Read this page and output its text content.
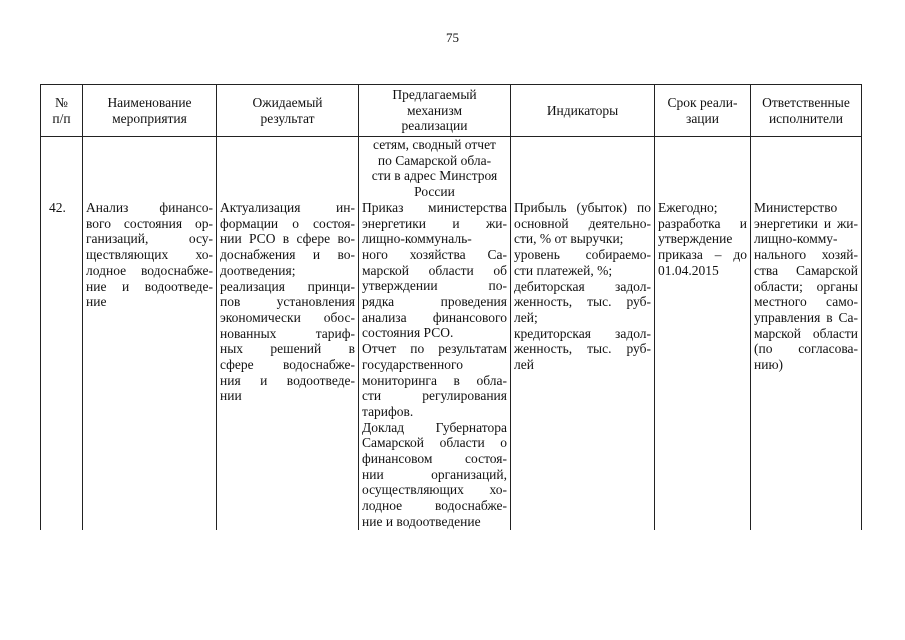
75
№
п/п
Наименование
мероприятия
Ожидаемый
результат
Предлагаемый
механизм
реализации
Индикаторы
Срок реали-
зации
Ответственные
исполнители
42.	Анализ финансо-
вого состояния ор-
ганизаций, осу-
ществляющих хо-
лодное водоснабже-
ние и водоотведе-
ние
Актуализация ин-
формации о состоя-
нии РСО в сфере во-
доснабжения и во-
доотведения;
реализация принци-
пов установления
экономически обос-
нованных тариф-
ных решений в
сфере водоснабже-
ния и водоотведе-
нии
сетям, сводный отчет
по Самарской обла-
сти в адрес Минстроя
России
Приказ министерства
энергетики и жи-
лищно-коммуналь-
ного хозяйства Са-
марской области об
утверждении по-
рядка проведения
анализа финансового
состояния РСО.
Отчет по результатам
государственного
мониторинга в обла-
сти регулирования
тарифов.
Доклад Губернатора
Самарской области о
финансовом состоя-
нии организаций,
осуществляющих хо-
лодное водоснабже-
ние и водоотведение
Прибыль (убыток) по
основной деятельно-
сти, % от выручки;
уровень собираемо-
сти платежей, %;
дебиторская задол-
женность, тыс. руб-
лей;
кредиторская задол-
женность, тыс. руб-
лей
Ежегодно;
разработка и
утверждение
приказа – до
01.04.2015
Министерство
энергетики и жи-
лищно-комму-
нального хозяй-
ства Самарской
области; органы
местного само-
управления в Са-
марской области
(по согласова-
нию)
